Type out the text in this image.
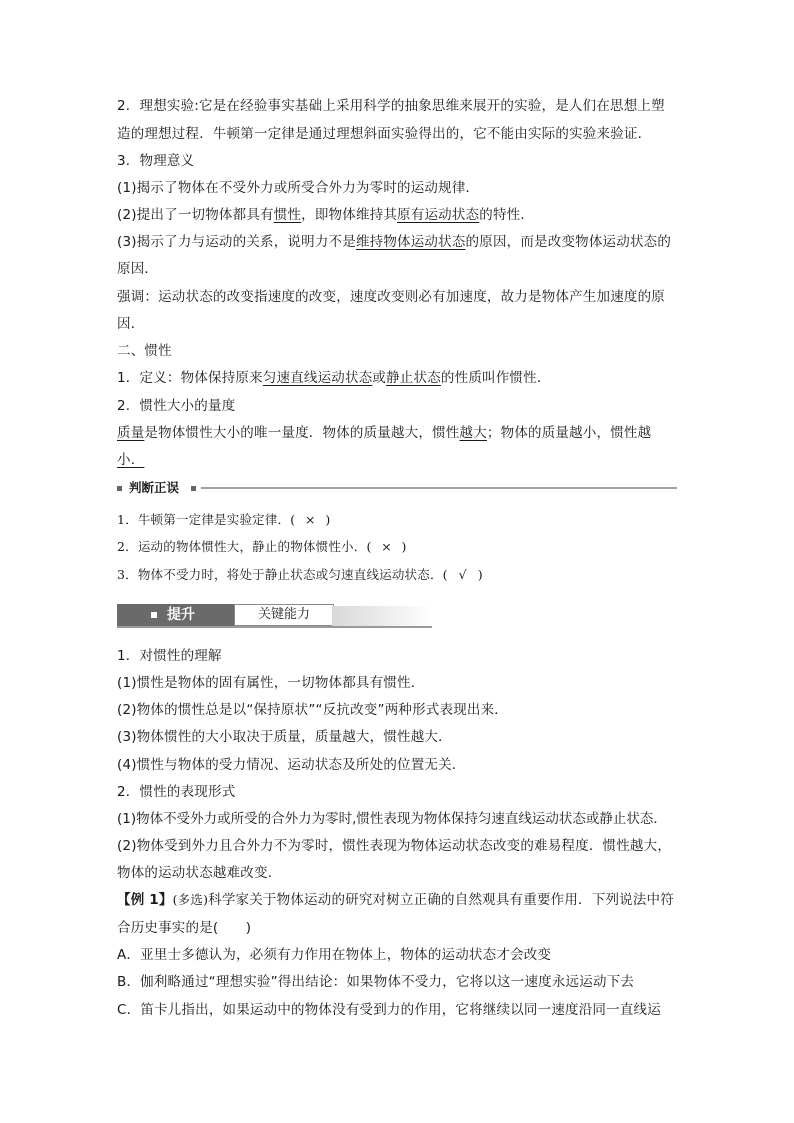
2．理想实验:它是在经验事实基础上采用科学的抽象思维来展开的实验，是人们在思想上塑
造的理想过程．牛顿第一定律是通过理想斜面实验得出的，它不能由实际的实验来验证．
3．物理意义
(1)揭示了物体在不受外力或所受合外力为零时的运动规律．
(2)提出了一切物体都具有惯性，即物体维持其原有运动状态的特性．
(3)揭示了力与运动的关系，说明力不是维持物体运动状态的原因，而是改变物体运动状态的
原因．
强调：运动状态的改变指速度的改变，速度改变则必有加速度，故力是物体产生加速度的原
因．
二、惯性
1．定义：物体保持原来匀速直线运动状态或静止状态的性质叫作惯性．
2．惯性大小的量度
质量是物体惯性大小的唯一量度．物体的质量越大，惯性越大；物体的质量越小，惯性越
小．
判断正误
1．牛顿第一定律是实验定律．( × )
2．运动的物体惯性大，静止的物体惯性小．( × )
3．物体不受力时，将处于静止状态或匀速直线运动状态．( √ )
提升	关键能力
1．对惯性的理解
(1)惯性是物体的固有属性，一切物体都具有惯性．
(2)物体的惯性总是以“保持原状”“反抗改变”两种形式表现出来．
(3)物体惯性的大小取决于质量，质量越大，惯性越大．
(4)惯性与物体的受力情况、运动状态及所处的位置无关．
2．惯性的表现形式
(1)物体不受外力或所受的合外力为零时,惯性表现为物体保持匀速直线运动状态或静止状态．
(2)物体受到外力且合外力不为零时，惯性表现为物体运动状态改变的难易程度．惯性越大，
物体的运动状态越难改变．
【例 1】(多选)科学家关于物体运动的研究对树立正确的自然观具有重要作用．下列说法中符
合历史事实的是(　　)
A．亚里士多德认为，必须有力作用在物体上，物体的运动状态才会改变
B．伽利略通过“理想实验”得出结论：如果物体不受力，它将以这一速度永远运动下去
C．笛卡儿指出，如果运动中的物体没有受到力的作用，它将继续以同一速度沿同一直线运
